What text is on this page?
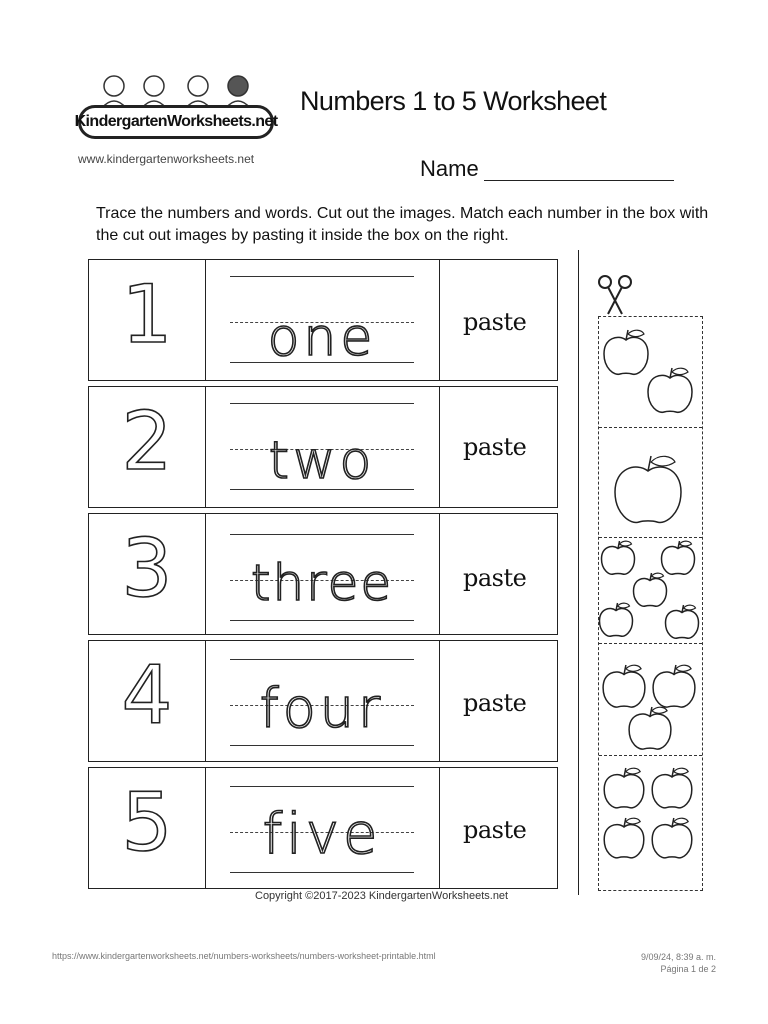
KindergartenWorksheets.net
www.kindergartenworksheets.net
Numbers 1 to 5 Worksheet
Name
Trace the numbers and words. Cut out the images. Match each number in the box with the cut out images by pasting it inside the box on the right.
1	one	paste
2	two	paste
3	three	paste
4	four	paste
5	five	paste
Copyright ©2017-2023 KindergartenWorksheets.net
https://www.kindergartenworksheets.net/numbers-worksheets/numbers-worksheet-printable.html	9/09/24, 8:39 a. m.
Página 1 de 2
